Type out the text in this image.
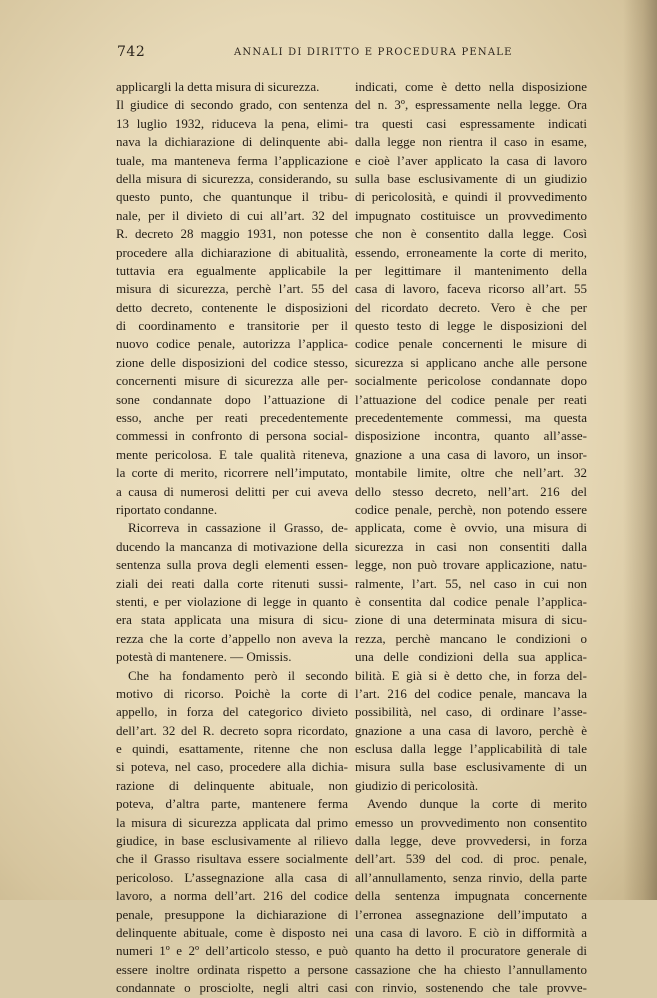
742	ANNALI DI DIRITTO E PROCEDURA PENALE
applicargli la detta misura di sicurezza.
Il giudice di secondo grado, con sentenza
13 luglio 1932, riduceva la pena, elimi-
nava la dichiarazione di delinquente abi-
tuale, ma manteneva ferma l’applicazione
della misura di sicurezza, considerando, su
questo punto, che quantunque il tribu-
nale, per il divieto di cui all’art. 32 del
R. decreto 28 maggio 1931, non potesse
procedere alla dichiarazione di abitualità,
tuttavia era egualmente applicabile la
misura di sicurezza, perchè l’art. 55 del
detto decreto, contenente le disposizioni
di coordinamento e transitorie per il
nuovo codice penale, autorizza l’applica-
zione delle disposizioni del codice stesso,
concernenti misure di sicurezza alle per-
sone condannate dopo l’attuazione di
esso, anche per reati precedentemente
commessi in confronto di persona social-
mente pericolosa. E tale qualità riteneva,
la corte di merito, ricorrere nell’imputato,
a causa di numerosi delitti per cui aveva
riportato condanne.
Ricorreva in cassazione il Grasso, de-
ducendo la mancanza di motivazione della
sentenza sulla prova degli elementi essen-
ziali dei reati dalla corte ritenuti sussi-
stenti, e per violazione di legge in quanto
era stata applicata una misura di sicu-
rezza che la corte d’appello non aveva la
potestà di mantenere. — Omissis.
Che ha fondamento però il secondo
motivo di ricorso. Poichè la corte di
appello, in forza del categorico divieto
dell’art. 32 del R. decreto sopra ricordato,
e quindi, esattamente, ritenne che non
si poteva, nel caso, procedere alla dichia-
razione di delinquente abituale, non
poteva, d’altra parte, mantenere ferma
la misura di sicurezza applicata dal primo
giudice, in base esclusivamente al rilievo
che il Grasso risultava essere socialmente
pericoloso. L’assegnazione alla casa di
lavoro, a norma dell’art. 216 del codice
penale, presuppone la dichiarazione di
delinquente abituale, come è disposto nei
numeri 1º e 2º dell’articolo stesso, e può
essere inoltre ordinata rispetto a persone
condannate o prosciolte, negli altri casi
indicati, come è detto nella disposizione
del n. 3º, espressamente nella legge. Ora
tra questi casi espressamente indicati
dalla legge non rientra il caso in esame,
e cioè l’aver applicato la casa di lavoro
sulla base esclusivamente di un giudizio
di pericolosità, e quindi il provvedimento
impugnato costituisce un provvedimento
che non è consentito dalla legge. Così
essendo, erroneamente la corte di merito,
per legittimare il mantenimento della
casa di lavoro, faceva ricorso all’art. 55
del ricordato decreto. Vero è che per
questo testo di legge le disposizioni del
codice penale concernenti le misure di
sicurezza si applicano anche alle persone
socialmente pericolose condannate dopo
l’attuazione del codice penale per reati
precedentemente commessi, ma questa
disposizione incontra, quanto all’asse-
gnazione a una casa di lavoro, un insor-
montabile limite, oltre che nell’art. 32
dello stesso decreto, nell’art. 216 del
codice penale, perchè, non potendo essere
applicata, come è ovvio, una misura di
sicurezza in casi non consentiti dalla
legge, non può trovare applicazione, natu-
ralmente, l’art. 55, nel caso in cui non
è consentita dal codice penale l’applica-
zione di una determinata misura di sicu-
rezza, perchè mancano le condizioni o
una delle condizioni della sua applica-
bilità. E già si è detto che, in forza del-
l’art. 216 del codice penale, mancava la
possibilità, nel caso, di ordinare l’asse-
gnazione a una casa di lavoro, perchè è
esclusa dalla legge l’applicabilità di tale
misura sulla base esclusivamente di un
giudizio di pericolosità.
Avendo dunque la corte di merito
emesso un provvedimento non consentito
dalla legge, deve provvedersi, in forza
dell’art. 539 del cod. di proc. penale,
all’annullamento, senza rinvio, della parte
della sentenza impugnata concernente
l’erronea assegnazione dell’imputato a
una casa di lavoro. E ciò in difformità a
quanto ha detto il procuratore generale di
cassazione che ha chiesto l’annullamento
con rinvio, sostenendo che tale provve-
